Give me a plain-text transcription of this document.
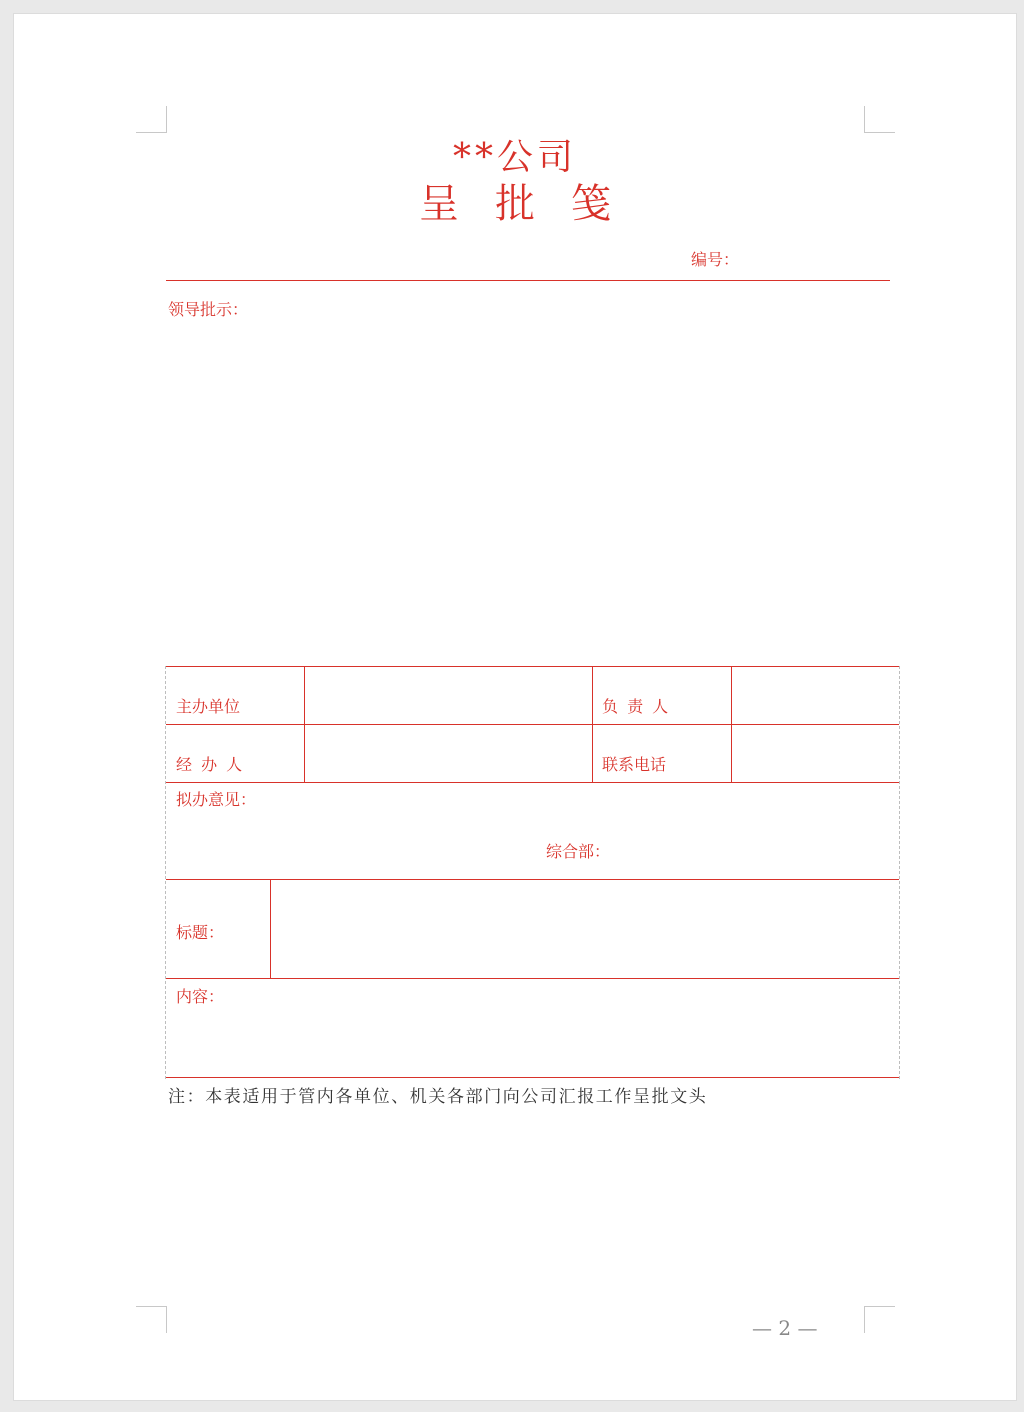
**公司
呈批笺
编号：
领导批示：
主办单位	负 责 人
经 办 人	联系电话
拟办意见：
综合部：
标题：
内容：
注：本表适用于管内各单位、机关各部门向公司汇报工作呈批文头
— 2 —
